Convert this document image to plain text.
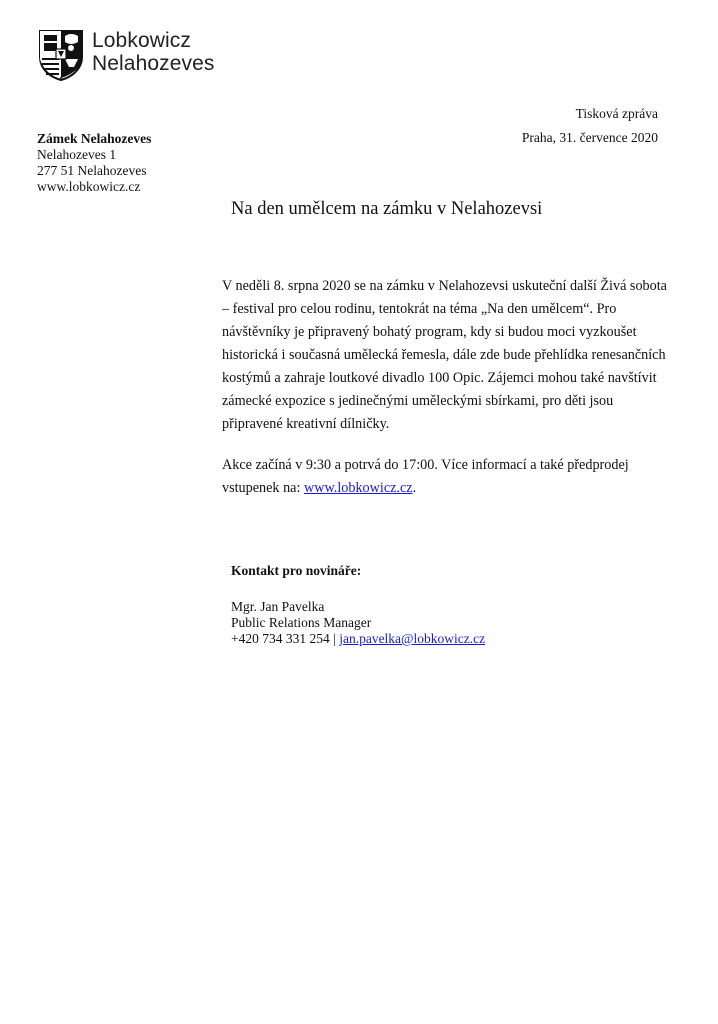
Lobkowicz
Nelahozeves
Tisková zpráva
Praha, 31. července 2020
Zámek Nelahozeves
Nelahozeves 1
277 51 Nelahozeves
www.lobkowicz.cz
Na den umělcem na zámku v Nelahozevsi

V neděli 8. srpna 2020 se na zámku v Nelahozevsi uskuteční další Živá sobota – festival pro celou rodinu, tentokrát na téma „Na den umělcem“. Pro návštěvníky je připravený bohatý program, kdy si budou moci vyzkoušet historická i současná umělecká řemesla, dále zde bude přehlídka renesančních kostýmů a zahraje loutkové divadlo 100 Opic. Zájemci mohou také navštívit zámecké expozice s jedinečnými uměleckými sbírkami, pro děti jsou připravené kreativní dílničky.

Akce začíná v 9:30 a potrvá do 17:00. Více informací a také předprodej vstupenek na: www.lobkowicz.cz.

Kontakt pro novináře:
Mgr. Jan Pavelka
Public Relations Manager
+420 734 331 254 | jan.pavelka@lobkowicz.cz
